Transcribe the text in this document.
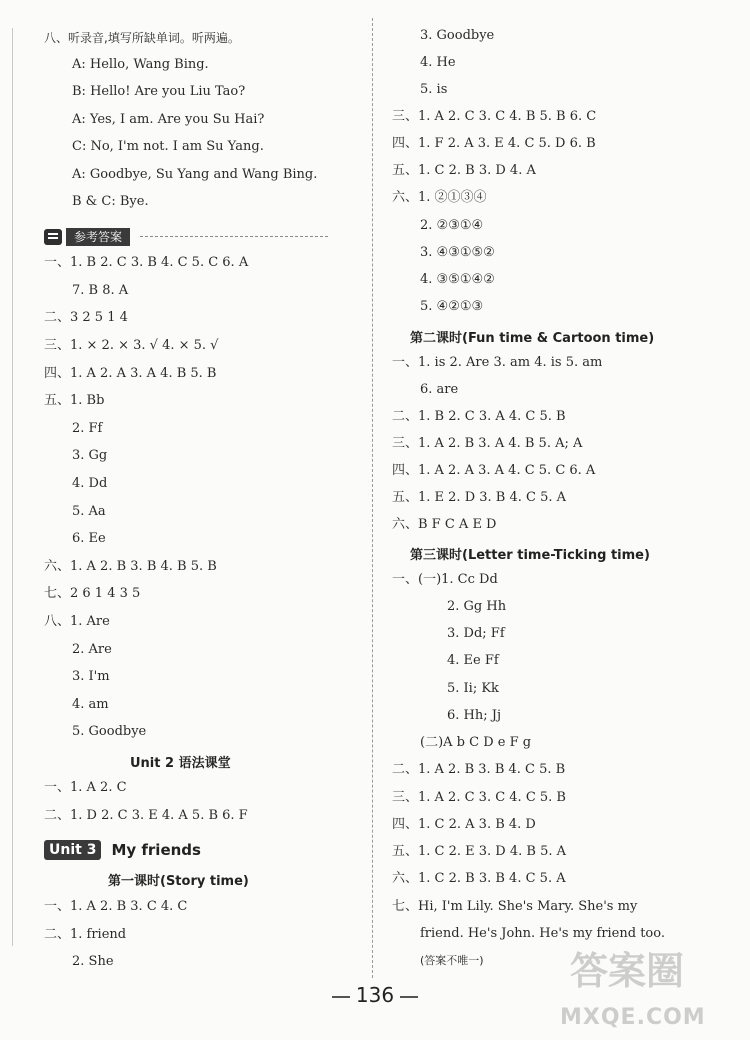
八、听录音,填写所缺单词。听两遍。
A: Hello, Wang Bing.
B: Hello! Are you Liu Tao?
A: Yes, I am. Are you Su Hai?
C: No, I'm not. I am Su Yang.
A: Goodbye, Su Yang and Wang Bing.
B & C: Bye.
参考答案
一、1. B 2. C 3. B 4. C 5. C 6. A
7. B 8. A
二、3 2 5 1 4
三、1. × 2. × 3. √ 4. × 5. √
四、1. A 2. A 3. A 4. B 5. B
五、1. Bb
2. Ff
3. Gg
4. Dd
5. Aa
6. Ee
六、1. A 2. B 3. B 4. B 5. B
七、2 6 1 4 3 5
八、1. Are
2. Are
3. I'm
4. am
5. Goodbye
Unit 2 语法课堂
一、1. A 2. C
二、1. D 2. C 3. E 4. A 5. B 6. F
Unit 3	My friends
第一课时(Story time)
一、1. A 2. B 3. C 4. C
二、1. friend
2. She
3. Goodbye
4. He
5. is
三、1. A 2. C 3. C 4. B 5. B 6. C
四、1. F 2. A 3. E 4. C 5. D 6. B
五、1. C 2. B 3. D 4. A
六、1. ②①③④
2. ②③①④
3. ④③①⑤②
4. ③⑤①④②
5. ④②①③
第二课时(Fun time & Cartoon time)
一、1. is 2. Are 3. am 4. is 5. am
6. are
二、1. B 2. C 3. A 4. C 5. B
三、1. A 2. B 3. A 4. B 5. A; A
四、1. A 2. A 3. A 4. C 5. C 6. A
五、1. E 2. D 3. B 4. C 5. A
六、B F C A E D
第三课时(Letter time-Ticking time)
一、(一)1. Cc Dd
2. Gg Hh
3. Dd; Ff
4. Ee Ff
5. Ii; Kk
6. Hh; Jj
(二)A b C D e F g
二、1. A 2. B 3. B 4. C 5. B
三、1. A 2. C 3. C 4. C 5. B
四、1. C 2. A 3. B 4. D
五、1. C 2. E 3. D 4. B 5. A
六、1. C 2. B 3. B 4. C 5. A
七、Hi, I'm Lily. She's Mary. She's my
friend. He's John. He's my friend too.
(答案不唯一)
136
答案圈
MXQE.COM
